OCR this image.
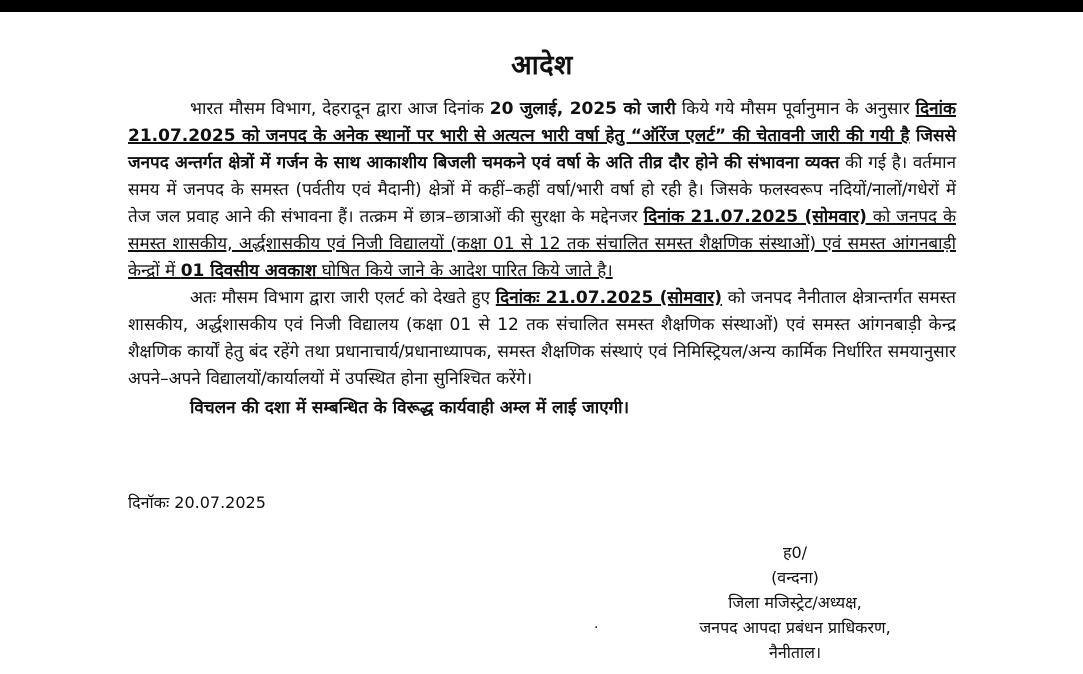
आदेश

भारत मौसम विभाग, देहरादून द्वारा आज दिनांक 20 जुलाई, 2025 को जारी किये गये मौसम पूर्वानुमान के अनुसार दिनांक 21.07.2025 को जनपद के अनेक स्थानों पर भारी से अत्यत्न भारी वर्षा हेतु “ऑरेंज एलर्ट” की चेतावनी जारी की गयी है जिससे जनपद अन्तर्गत क्षेत्रों में गर्जन के साथ आकाशीय बिजली चमकने एवं वर्षा के अति तीव्र दौर होने की संभावना व्यक्त की गई है। वर्तमान समय में जनपद के समस्त (पर्वतीय एवं मैदानी) क्षेत्रों में कहीं–कहीं वर्षा/भारी वर्षा हो रही है। जिसके फलस्वरूप नदियों/नालों/गधेरों में तेज जल प्रवाह आने की संभावना हैं। तत्क्रम में छात्र–छात्राओं की सुरक्षा के मद्देनजर दिनांक 21.07.2025 (सोमवार) को जनपद के समस्त शासकीय, अर्द्धशासकीय एवं निजी विद्यालयों (कक्षा 01 से 12 तक संचालित समस्त शैक्षणिक संस्थाओं) एवं समस्त आंगनबाड़ी केन्द्रों में 01 दिवसीय अवकाश घोषित किये जाने के आदेश पारित किये जाते है।

अतः मौसम विभाग द्वारा जारी एलर्ट को देखते हुए दिनांकः 21.07.2025 (सोमवार) को जनपद नैनीताल क्षेत्रान्तर्गत समस्त शासकीय, अर्द्धशासकीय एवं निजी विद्यालय (कक्षा 01 से 12 तक संचालित समस्त शैक्षणिक संस्थाओं) एवं समस्त आंगनबाड़ी केन्द्र शैक्षणिक कार्यों हेतु बंद रहेंगे तथा प्रधानाचार्य/प्रधानाध्यापक, समस्त शैक्षणिक संस्थाएं एवं निमिस्ट्रियल/अन्य कार्मिक निर्धारित समयानुसार अपने–अपने विद्यालयों/कार्यालयों में उपस्थित होना सुनिश्चित करेंगे।

विचलन की दशा में सम्बन्धित के विरूद्ध कार्यवाही अम्ल में लाई जाएगी।

दिनॉकः 20.07.2025
.
ह0/
(वन्दना)
जिला मजिस्ट्रेट/अध्यक्ष,
जनपद आपदा प्रबंधन प्राधिकरण,
नैनीताल।
